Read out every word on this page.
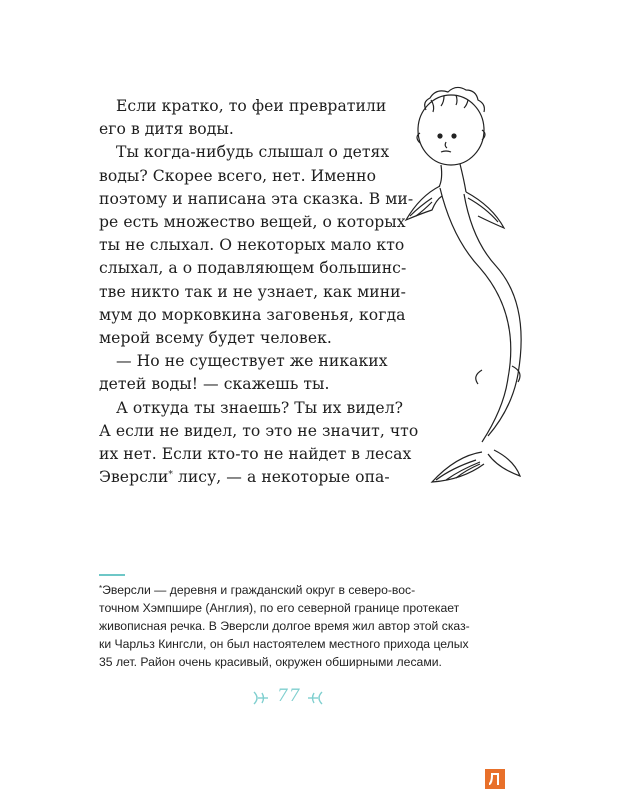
Если кратко, то феи превратили
его в дитя воды.
Ты когда-нибудь слышал о детях
воды? Скорее всего, нет. Именно
поэтому и написана эта сказка. В ми-
ре есть множество вещей, о которых
ты не слыхал. О некоторых мало кто
слыхал, а о подавляющем большинс-
тве никто так и не узнает, как мини-
мум до морковкина заговенья, когда
мерой всему будет человек.
— Но не существует же никаких
детей воды! — скажешь ты.
А откуда ты знаешь? Ты их видел?
А если не видел, то это не значит, что
их нет. Если кто-то не найдет в лесах
Эверсли* лису, — а некоторые опа-
*Эверсли — деревня и гражданский округ в северо-вос-
точном Хэмпшире (Англия), по его северной границе протекает
живописная речка. В Эверсли долгое время жил автор этой сказ-
ки Чарльз Кингсли, он был настоятелем местного прихода целых
35 лет. Район очень красивый, окружен обширными лесами.
77
